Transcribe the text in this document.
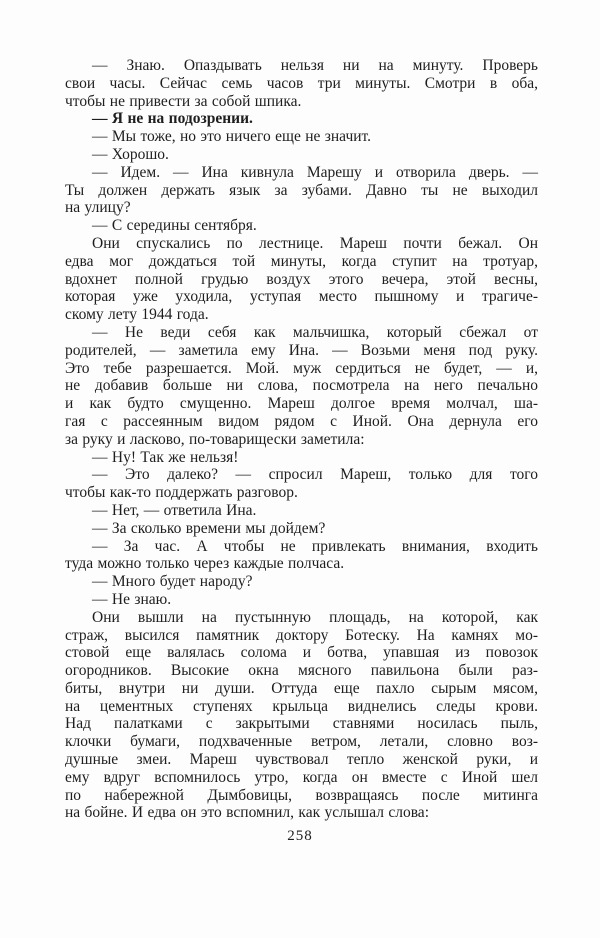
— Знаю. Опаздывать нельзя ни на минуту. Проверь
свои часы. Сейчас семь часов три минуты. Смотри в оба,
чтобы не привести за собой шпика.
— Я не на подозрении.
— Мы тоже, но это ничего еще не значит.
— Хорошо.
— Идем. — Ина кивнула Марешу и отворила дверь. —
Ты должен держать язык за зубами. Давно ты не выходил
на улицу?
— С середины сентября.
Они спускались по лестнице. Мареш почти бежал. Он
едва мог дождаться той минуты, когда ступит на тротуар,
вдохнет полной грудью воздух этого вечера, этой весны,
которая уже уходила, уступая место пышному и трагиче-
скому лету 1944 года.
— Не веди себя как мальчишка, который сбежал от
родителей, — заметила ему Ина. — Возьми меня под руку.
Это тебе разрешается. Мой. муж сердиться не будет, — и,
не добавив больше ни слова, посмотрела на него печально
и как будто смущенно. Мареш долгое время молчал, ша-
гая с рассеянным видом рядом с Иной. Она дернула его
за руку и ласково, по-товарищески заметила:
— Ну! Так же нельзя!
— Это далеко? — спросил Мареш, только для того
чтобы как-то поддержать разговор.
— Нет, — ответила Ина.
— За сколько времени мы дойдем?
— За час. А чтобы не привлекать внимания, входить
туда можно только через каждые полчаса.
— Много будет народу?
— Не знаю.
Они вышли на пустынную площадь, на которой, как
страж, высился памятник доктору Ботеску. На камнях мо-
стовой еще валялась солома и ботва, упавшая из повозок
огородников. Высокие окна мясного павильона были раз-
биты, внутри ни души. Оттуда еще пахло сырым мясом,
на цементных ступенях крыльца виднелись следы крови.
Над палатками с закрытыми ставнями носилась пыль,
клочки бумаги, подхваченные ветром, летали, словно воз-
душные змеи. Мареш чувствовал тепло женской руки, и
ему вдруг вспомнилось утро, когда он вместе с Иной шел
по набережной Дымбовицы, возвращаясь после митинга
на бойне. И едва он это вспомнил, как услышал слова:
258
